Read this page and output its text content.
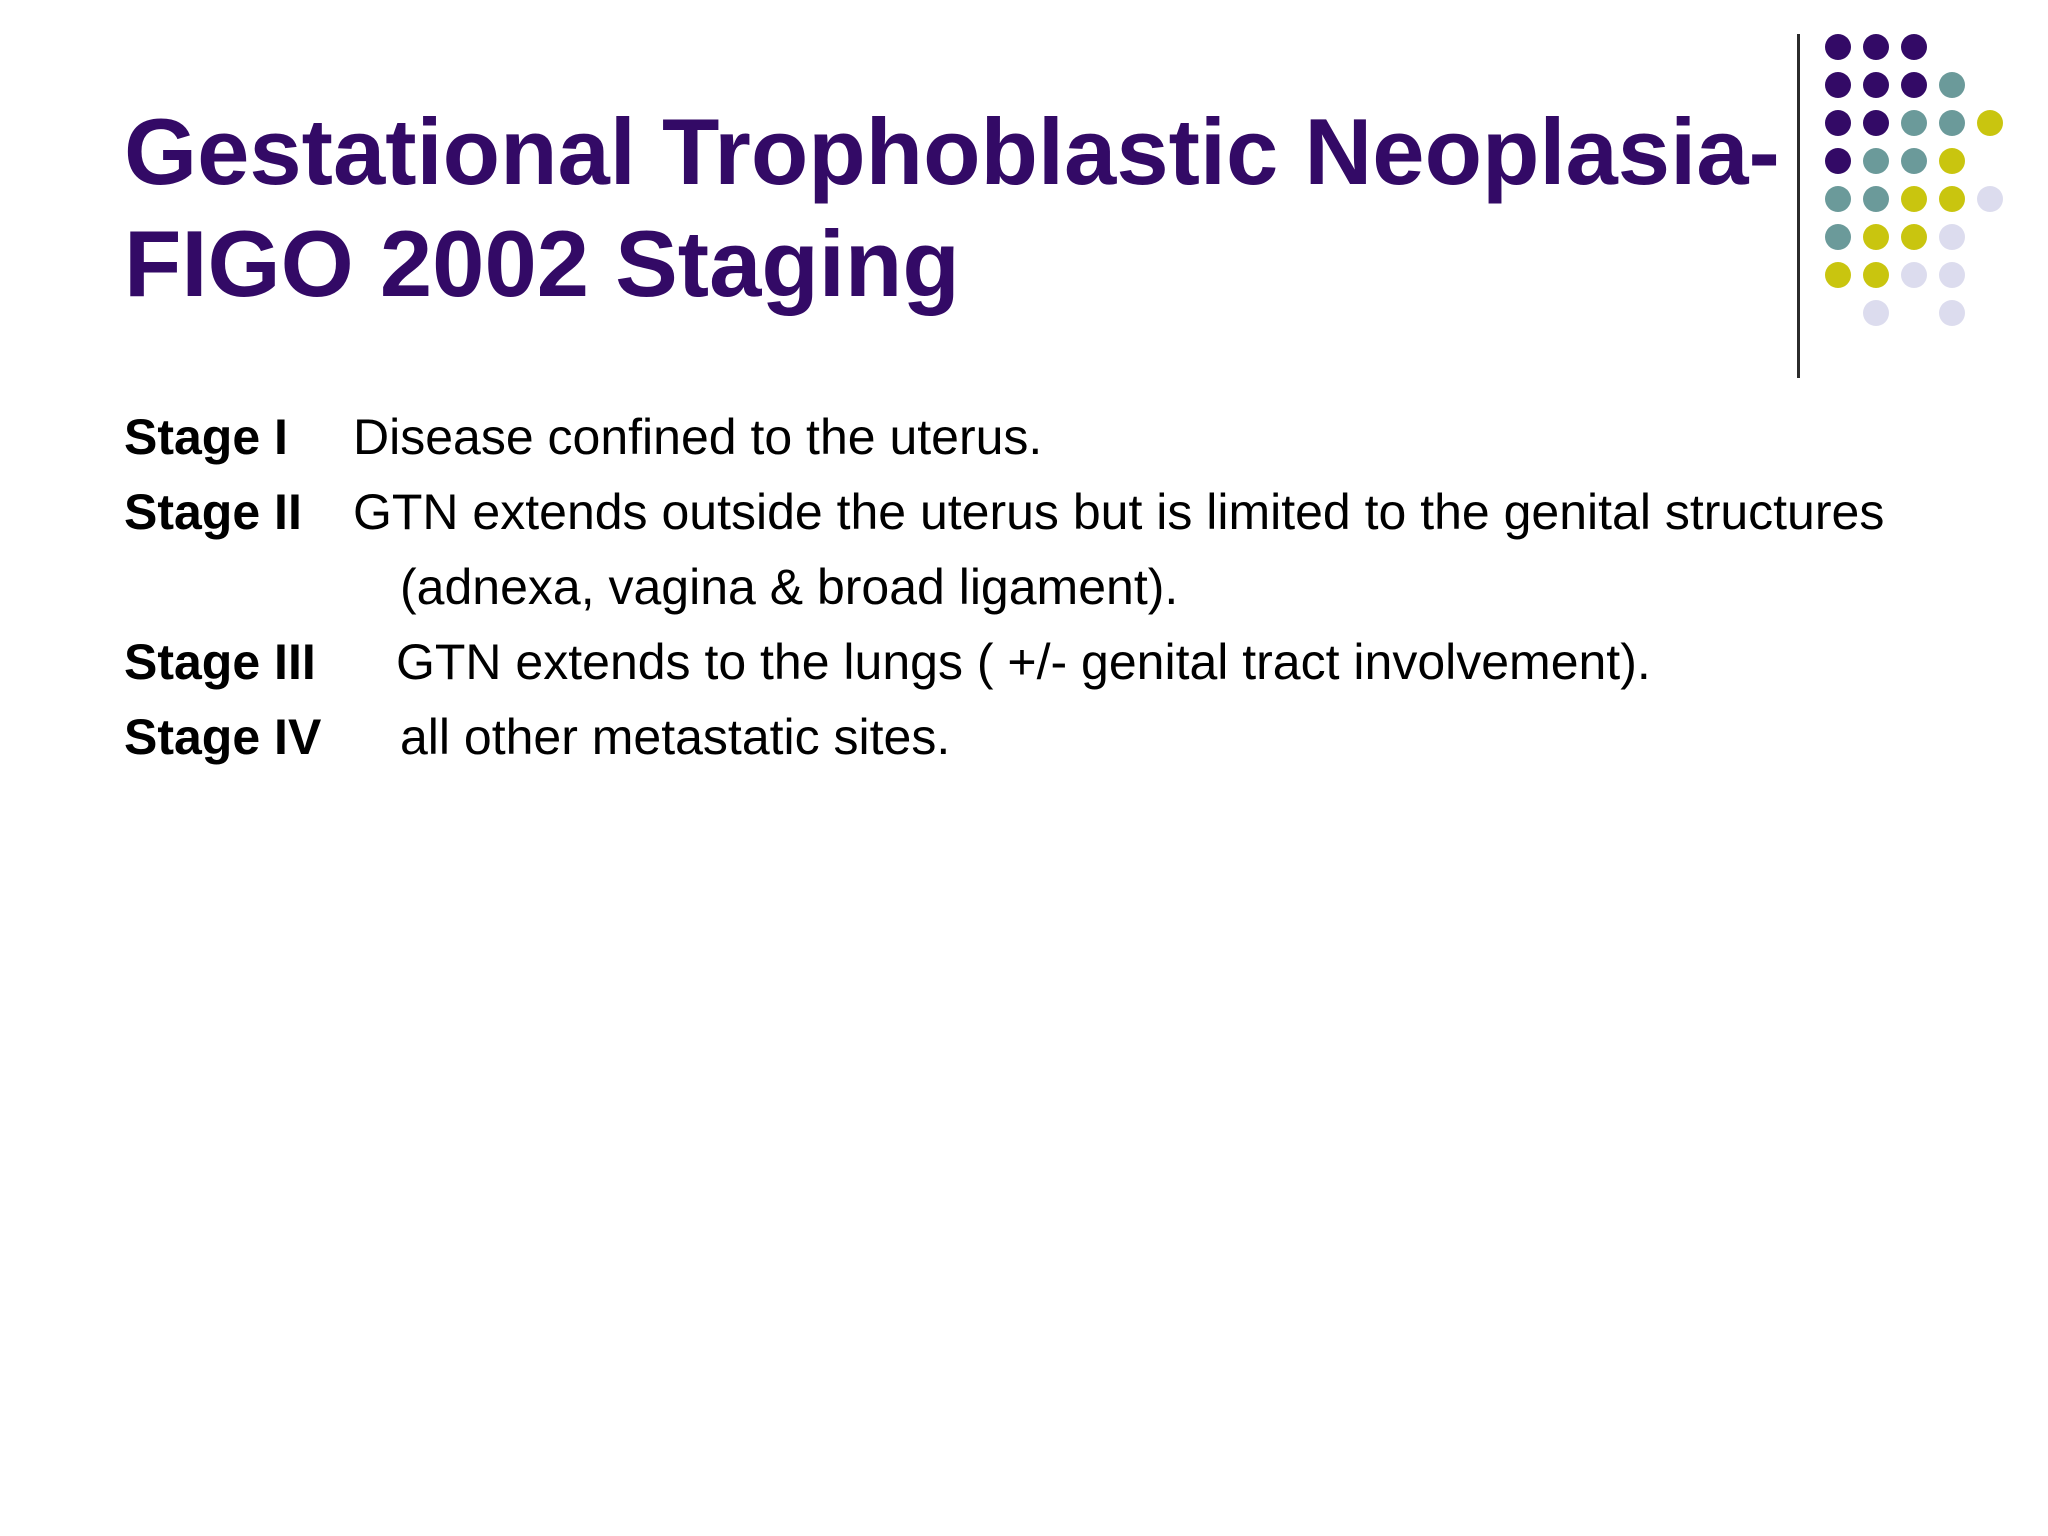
Gestational Trophoblastic Neoplasia-
FIGO 2002 Staging
Stage I Disease confined to the uterus.
Stage II GTN extends outside the uterus but is limited to the genital structures
(adnexa, vagina & broad ligament).
Stage III GTN extends to the lungs ( +/- genital tract involvement).
Stage IV all other metastatic sites.
